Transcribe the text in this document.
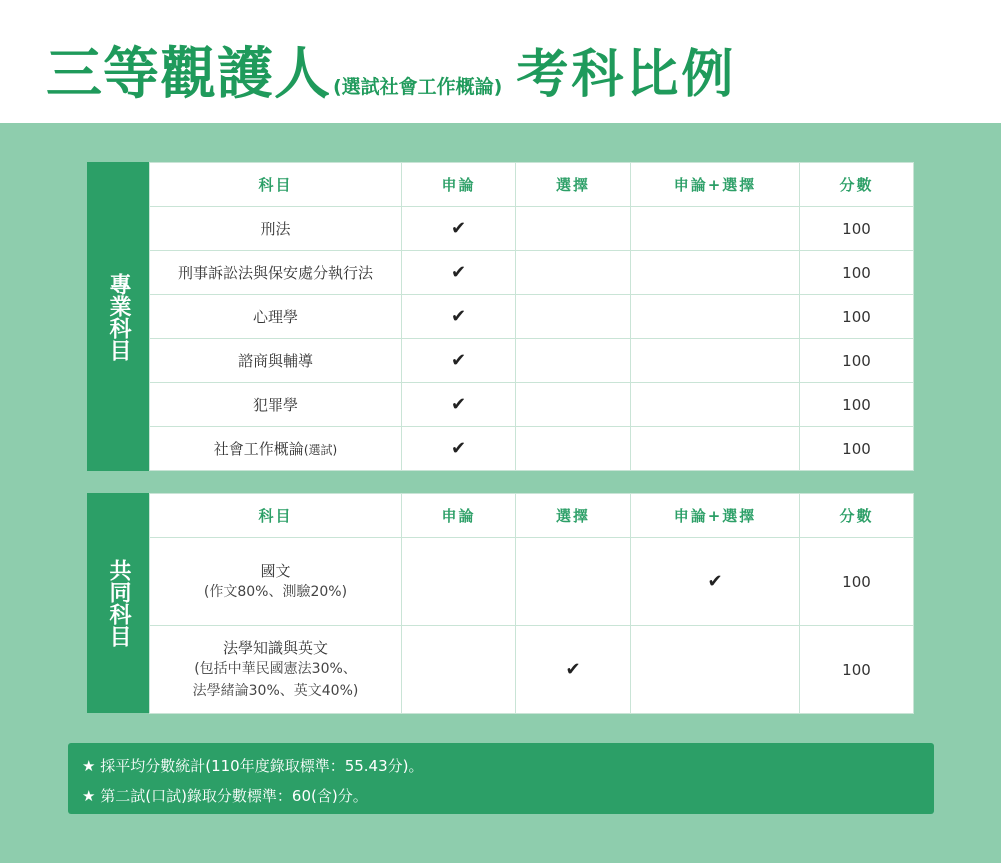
三等觀護人 (選試社會工作概論) 考科比例
專業科目
科目	申論	選擇	申論+選擇	分數
刑法	✔			100
刑事訴訟法與保安處分執行法	✔			100
心理學	✔			100
諮商與輔導	✔			100
犯罪學	✔			100
社會工作概論(選試)	✔			100
共同科目
科目	申論	選擇	申論+選擇	分數

國文
(作文80%、測驗20%)			✔	100

法學知識與英文
(包括中華民國憲法30%、
法學緒論30%、英文40%)		✔		100

★ 採平均分數統計(110年度錄取標準：55.43分)。

★ 第二試(口試)錄取分數標準：60(含)分。
